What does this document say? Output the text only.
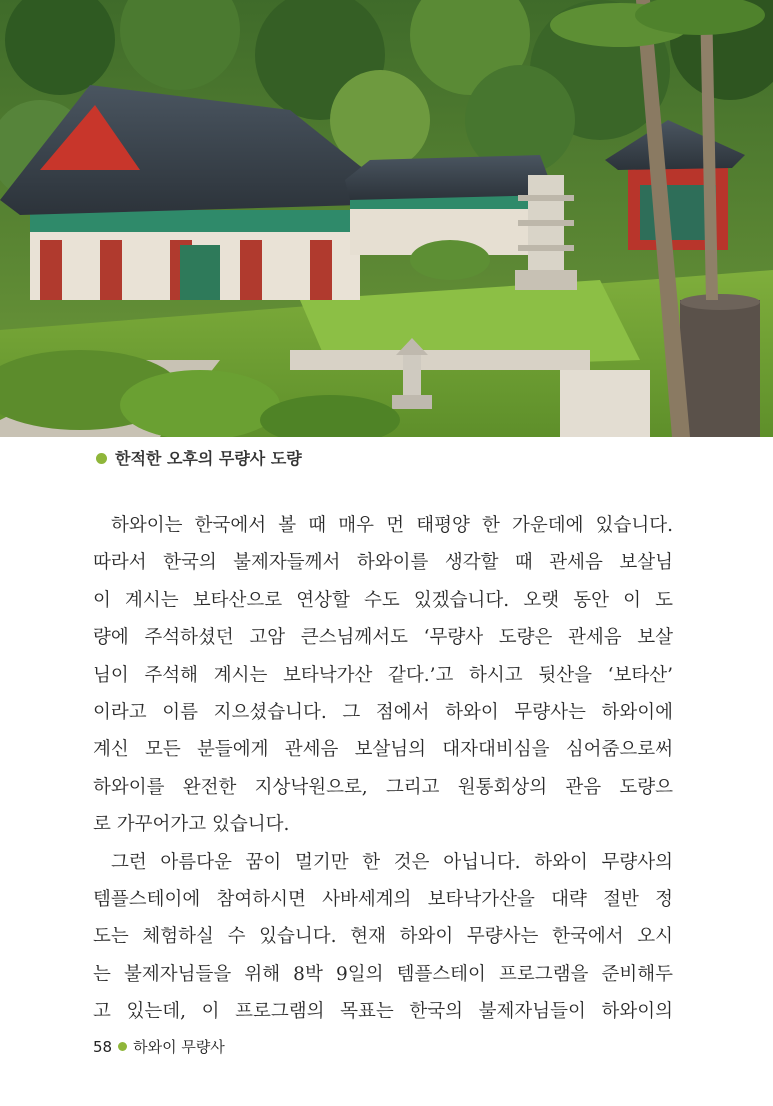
한적한 오후의 무량사 도량
하와이는 한국에서 볼 때 매우 먼 태평양 한 가운데에 있습니다.
따라서 한국의 불제자들께서 하와이를 생각할 때 관세음 보살님
이 계시는 보타산으로 연상할 수도 있겠습니다. 오랫 동안 이 도
량에 주석하셨던 고암 큰스님께서도 ‘무량사 도량은 관세음 보살
님이 주석해 계시는 보타낙가산 같다.’고 하시고 뒷산을 ‘보타산’
이라고 이름 지으셨습니다. 그 점에서 하와이 무량사는 하와이에
계신 모든 분들에게 관세음 보살님의 대자대비심을 심어줌으로써
하와이를 완전한 지상낙원으로, 그리고 원통회상의 관음 도량으
로 가꾸어가고 있습니다.
그런 아름다운 꿈이 멀기만 한 것은 아닙니다. 하와이 무량사의
템플스테이에 참여하시면 사바세계의 보타낙가산을 대략 절반 정
도는 체험하실 수 있습니다. 현재 하와이 무량사는 한국에서 오시
는 불제자님들을 위해 8박 9일의 템플스테이 프로그램을 준비해두
고 있는데, 이 프로그램의 목표는 한국의 불제자님들이 하와이의
58 하와이 무량사
